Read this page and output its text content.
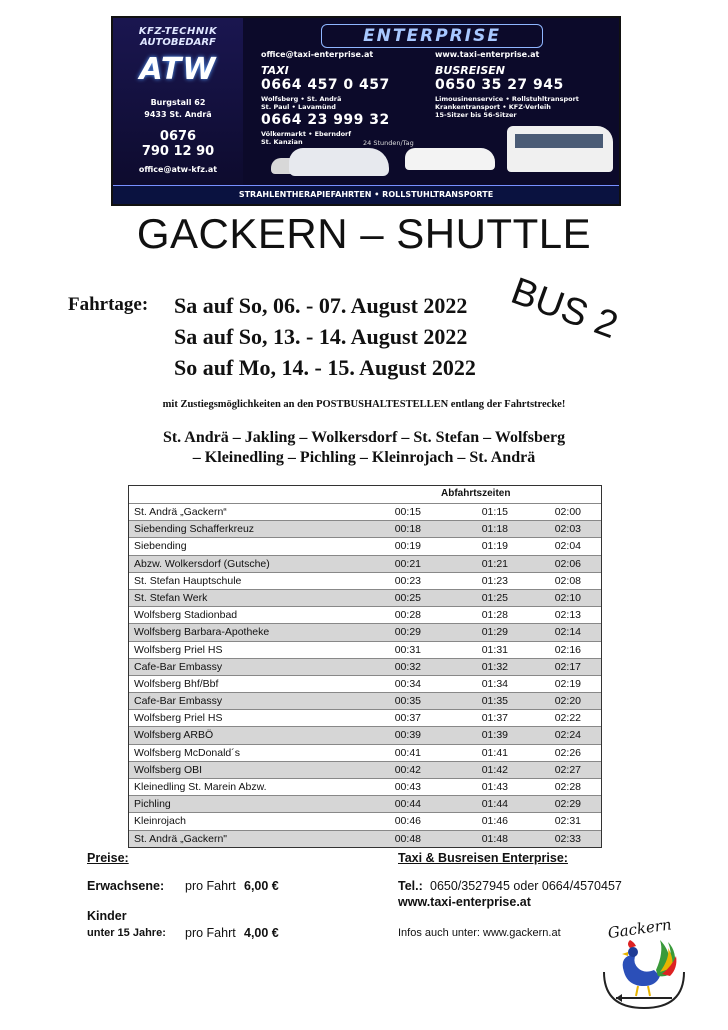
KFZ-TECHNIK
AUTOBEDARF
ATW
Burgstall 62
9433 St. Andrä
0676
790 12 90
office@atw-kfz.at
ENTERPRISE
office@taxi-enterprise.at	www.taxi-enterprise.at
TAXI	BUSREISEN
0664 457 0 457	0650 35 27 945
Wolfsberg • St. Andrä
St. Paul • Lavamünd
Limousinenservice • Rollstuhltransport
Krankentransport • KFZ-Verleih
15-Sitzer bis 56-Sitzer
0664 23 999 32
Völkermarkt • Eberndorf
St. Kanzian	24 Stunden/Tag
STRAHLENTHERAPIEFAHRTEN • ROLLSTUHLTRANSPORTE
GACKERN – SHUTTLE
BUS 2
Fahrtage: Sa auf So, 06. - 07. August 2022
Sa auf So, 13. - 14. August 2022
So auf Mo, 14. - 15. August 2022
mit Zustiegsmöglichkeiten an den POSTBUSHALTESTELLEN entlang der Fahrtstrecke!
St. Andrä – Jakling – Wolkersdorf – St. Stefan – Wolfsberg
– Kleinedling – Pichling – Kleinrojach – St. Andrä
Abfahrtszeiten
St. Andrä „Gackern“	00:15	01:15	02:00
Siebending Schafferkreuz	00:18	01:18	02:03
Siebending	00:19	01:19	02:04
Abzw. Wolkersdorf (Gutsche)	00:21	01:21	02:06
St. Stefan Hauptschule	00:23	01:23	02:08
St. Stefan Werk	00:25	01:25	02:10
Wolfsberg Stadionbad	00:28	01:28	02:13
Wolfsberg Barbara-Apotheke	00:29	01:29	02:14
Wolfsberg Priel HS	00:31	01:31	02:16
Cafe-Bar Embassy	00:32	01:32	02:17
Wolfsberg Bhf/Bbf	00:34	01:34	02:19
Cafe-Bar Embassy	00:35	01:35	02:20
Wolfsberg Priel HS	00:37	01:37	02:22
Wolfsberg ARBÖ	00:39	01:39	02:24
Wolfsberg McDonald´s	00:41	01:41	02:26
Wolfsberg OBI	00:42	01:42	02:27
Kleinedling St. Marein Abzw.	00:43	01:43	02:28
Pichling	00:44	01:44	02:29
Kleinrojach	00:46	01:46	02:31
St. Andrä „Gackern"	00:48	01:48	02:33
Preise:
Erwachsene: pro Fahrt 6,00 €
Kinder
unter 15 Jahre: pro Fahrt 4,00 €
Taxi & Busreisen Enterprise:
Tel.: 0650/3527945 oder 0664/4570457
www.taxi-enterprise.at
Infos auch unter: www.gackern.at	Gackern
